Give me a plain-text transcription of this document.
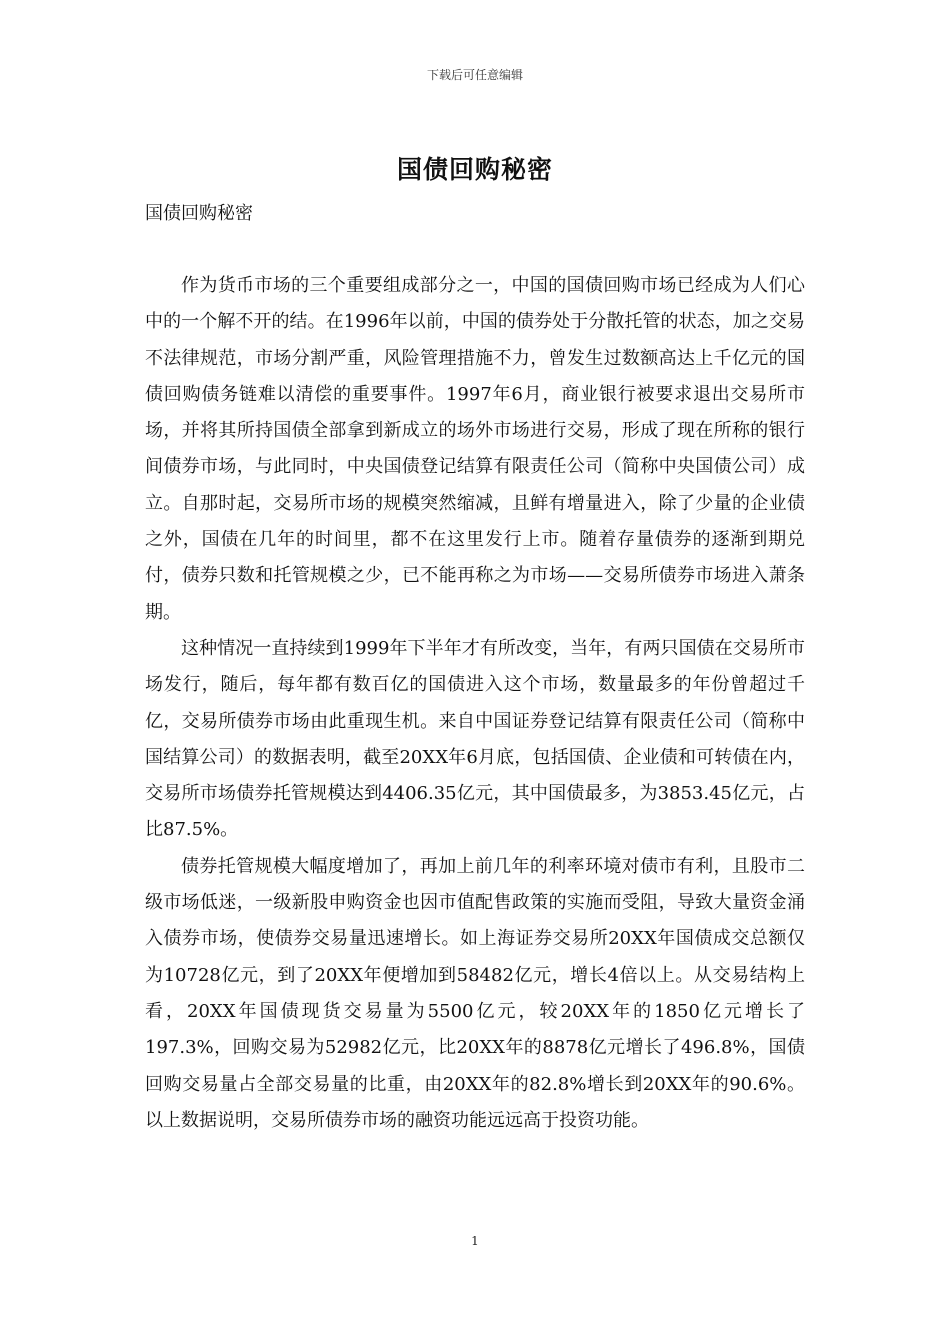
下载后可任意编辑
国债回购秘密
国债回购秘密

作为货币市场的三个重要组成部分之一，中国的国债回购市场已经成为人们心中的一个解不开的结。在1996年以前，中国的债券处于分散托管的状态，加之交易不法律规范，市场分割严重，风险管理措施不力，曾发生过数额高达上千亿元的国债回购债务链难以清偿的重要事件。1997年6月，商业银行被要求退出交易所市场，并将其所持国债全部拿到新成立的场外市场进行交易，形成了现在所称的银行间债券市场，与此同时，中央国债登记结算有限责任公司（简称中央国债公司）成立。自那时起，交易所市场的规模突然缩减，且鲜有增量进入，除了少量的企业债之外，国债在几年的时间里，都不在这里发行上市。随着存量债券的逐渐到期兑付，债券只数和托管规模之少，已不能再称之为市场——交易所债券市场进入萧条期。

这种情况一直持续到1999年下半年才有所改变，当年，有两只国债在交易所市场发行，随后，每年都有数百亿的国债进入这个市场，数量最多的年份曾超过千亿，交易所债券市场由此重现生机。来自中国证券登记结算有限责任公司（简称中国结算公司）的数据表明，截至20XX年6月底，包括国债、企业债和可转债在内，交易所市场债券托管规模达到4406.35亿元，其中国债最多，为3853.45亿元，占比87.5%。

债券托管规模大幅度增加了，再加上前几年的利率环境对债市有利，且股市二级市场低迷，一级新股申购资金也因市值配售政策的实施而受阻，导致大量资金涌入债券市场，使债券交易量迅速增长。如上海证券交易所20XX年国债成交总额仅为10728亿元，到了20XX年便增加到58482亿元，增长4倍以上。从交易结构上看，20XX年国债现货交易量为5500亿元，较20XX年的1850亿元增长了197.3%，回购交易为52982亿元，比20XX年的8878亿元增长了496.8%，国债回购交易量占全部交易量的比重，由20XX年的82.8%增长到20XX年的90.6%。以上数据说明，交易所债券市场的融资功能远远高于投资功能。

1
